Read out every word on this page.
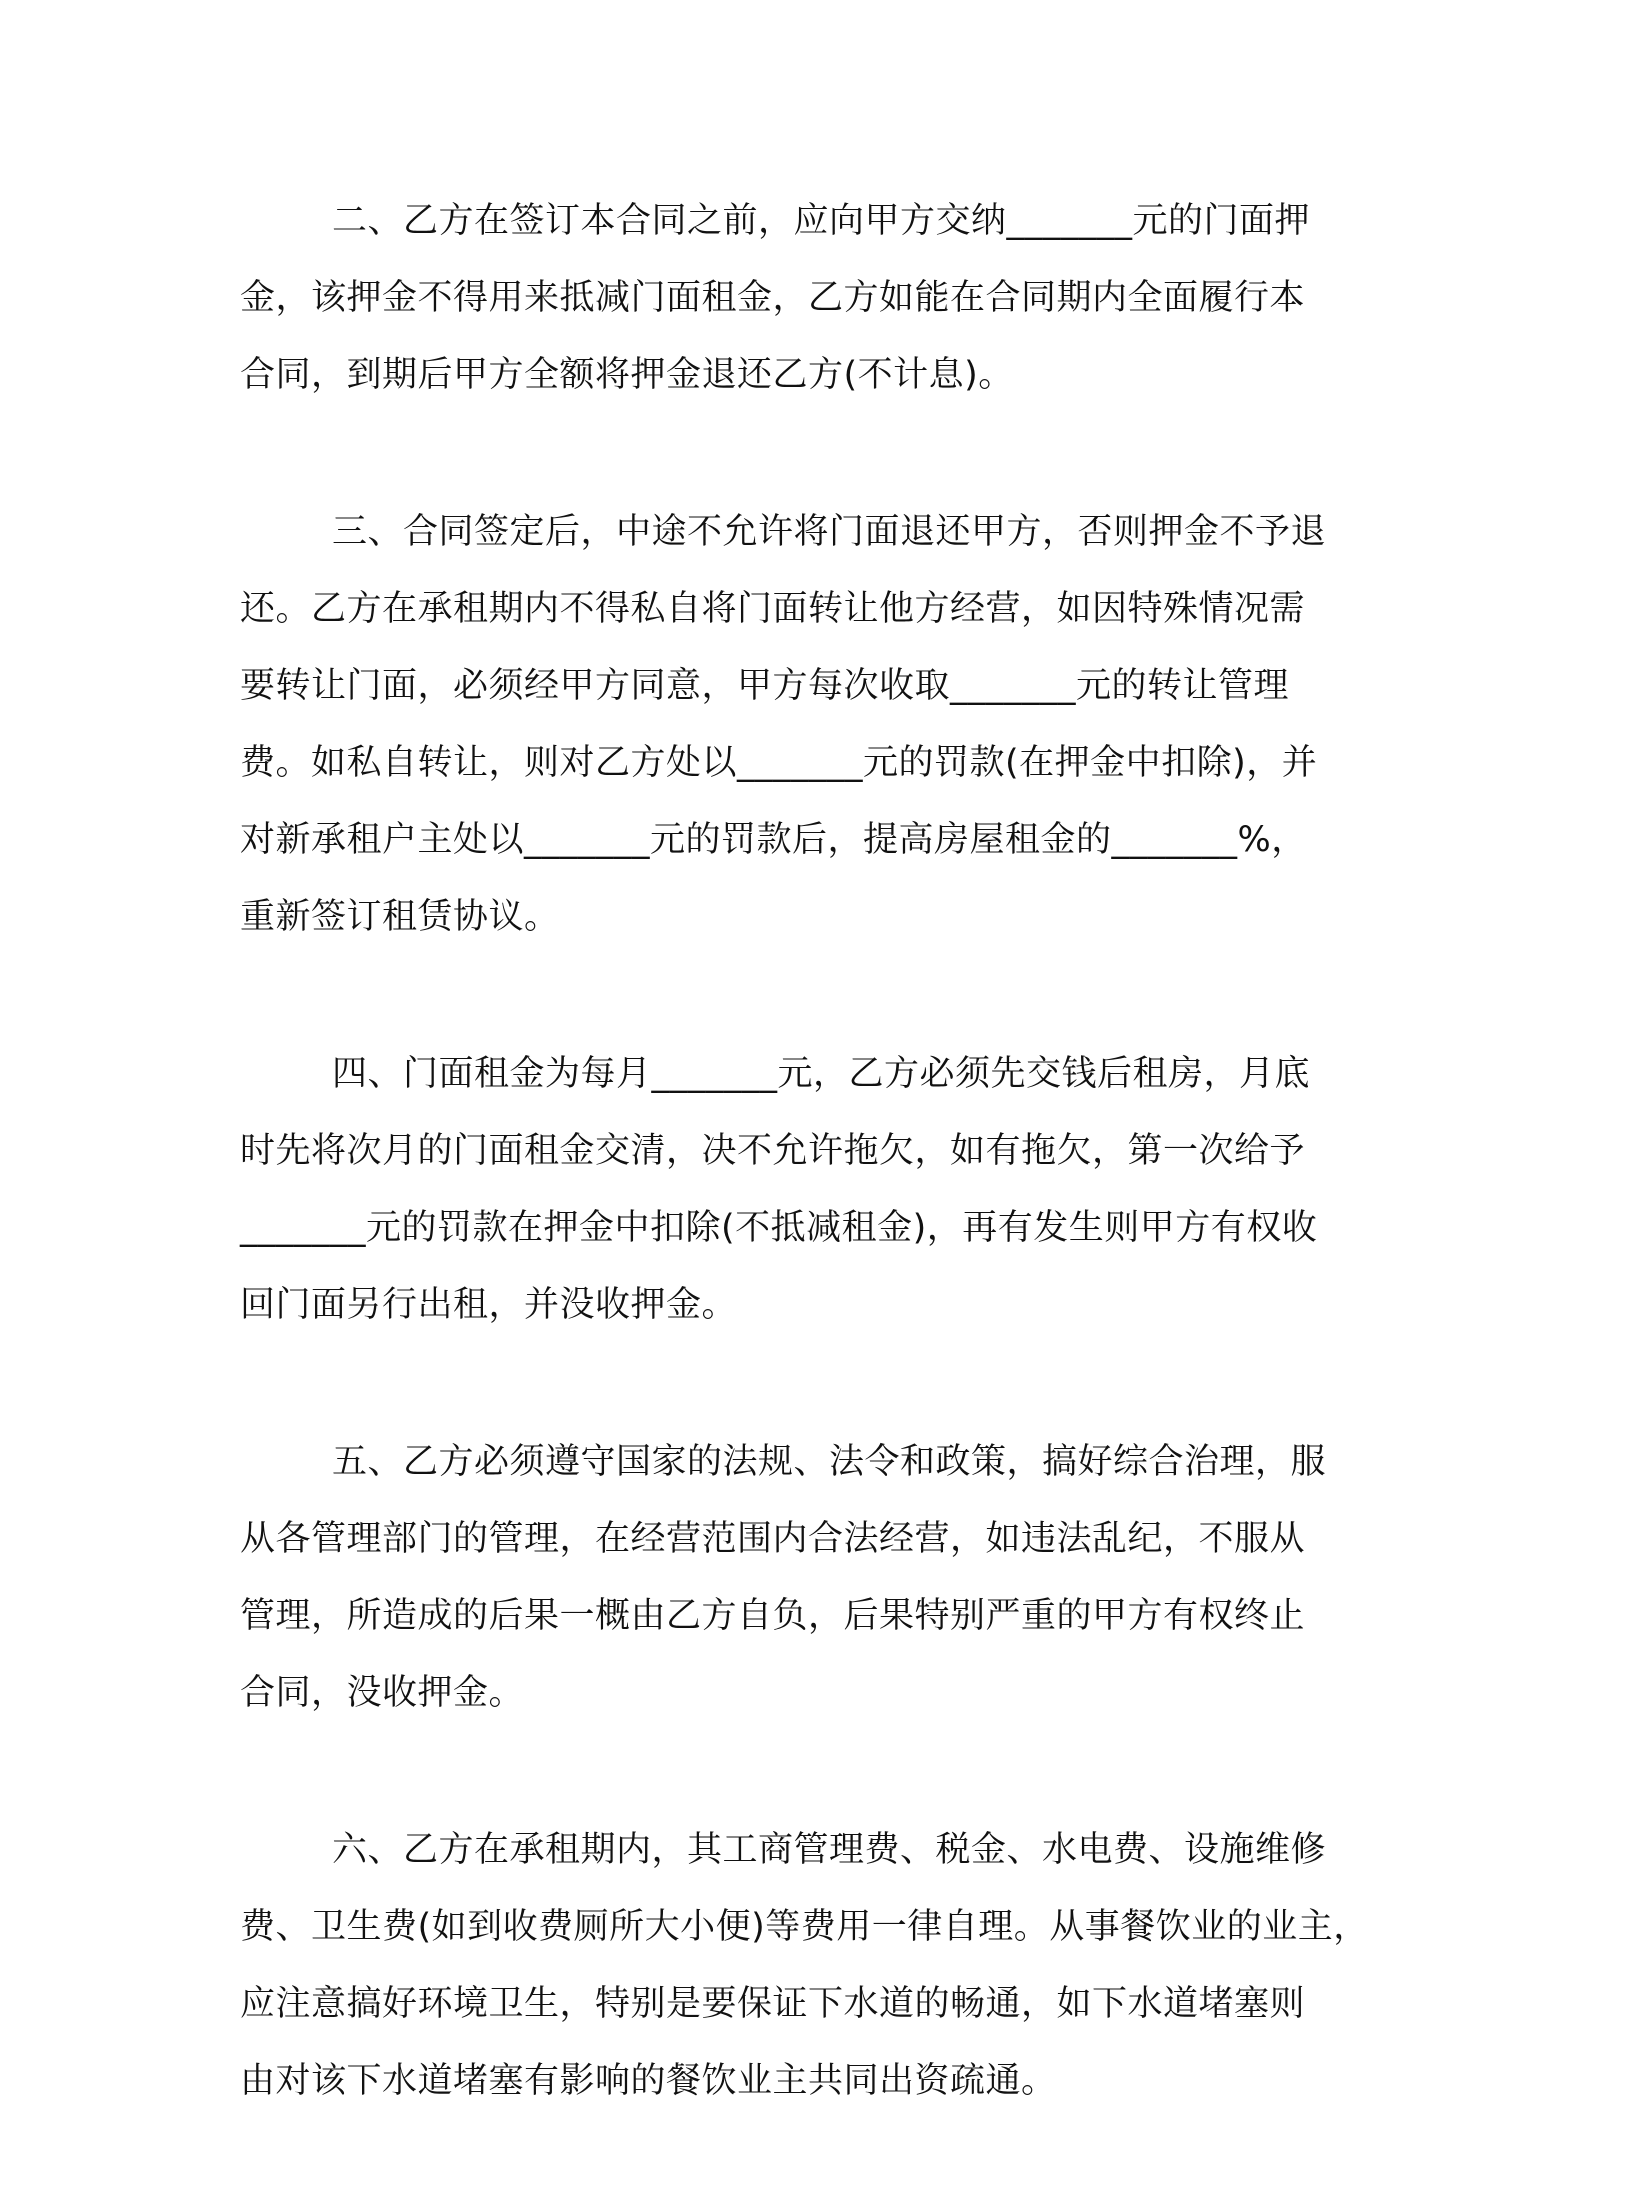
二、乙方在签订本合同之前，应向甲方交纳_______元的门面押
金，该押金不得用来抵减门面租金，乙方如能在合同期内全面履行本
合同，到期后甲方全额将押金退还乙方(不计息)。
三、合同签定后，中途不允许将门面退还甲方，否则押金不予退
还。乙方在承租期内不得私自将门面转让他方经营，如因特殊情况需
要转让门面，必须经甲方同意，甲方每次收取_______元的转让管理
费。如私自转让，则对乙方处以_______元的罚款(在押金中扣除)，并
对新承租户主处以_______元的罚款后，提高房屋租金的_______%，
重新签订租赁协议。
四、门面租金为每月_______元，乙方必须先交钱后租房，月底
时先将次月的门面租金交清，决不允许拖欠，如有拖欠，第一次给予
_______元的罚款在押金中扣除(不抵减租金)，再有发生则甲方有权收
回门面另行出租，并没收押金。
五、乙方必须遵守国家的法规、法令和政策，搞好综合治理，服
从各管理部门的管理，在经营范围内合法经营，如违法乱纪，不服从
管理，所造成的后果一概由乙方自负，后果特别严重的甲方有权终止
合同，没收押金。
六、乙方在承租期内，其工商管理费、税金、水电费、设施维修
费、卫生费(如到收费厕所大小便)等费用一律自理。从事餐饮业的业主，
应注意搞好环境卫生，特别是要保证下水道的畅通，如下水道堵塞则
由对该下水道堵塞有影响的餐饮业主共同出资疏通。
